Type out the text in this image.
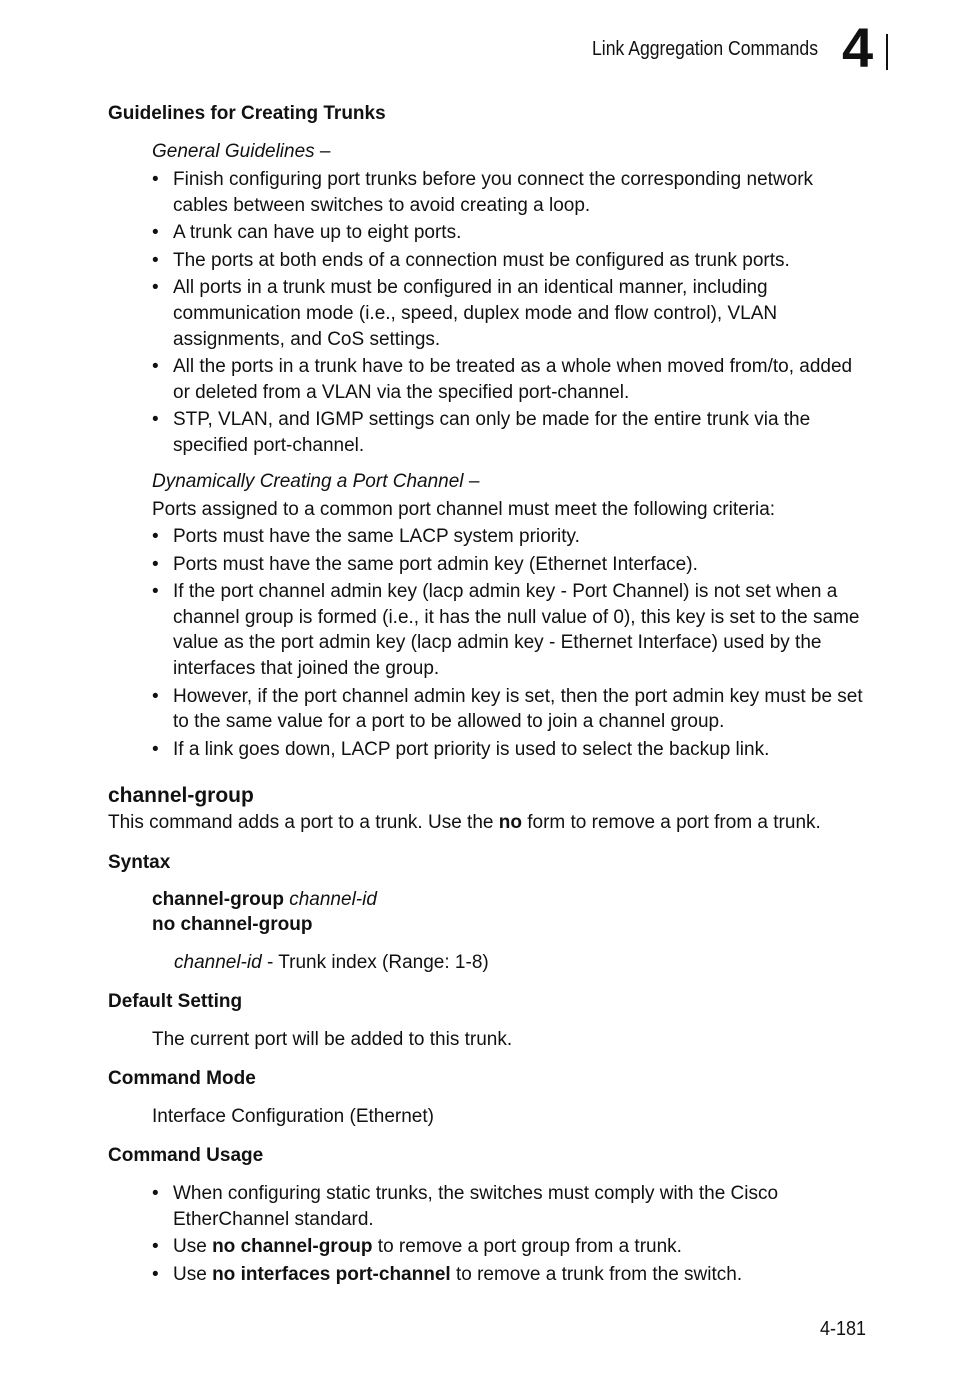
Link Aggregation Commands 4
Guidelines for Creating Trunks
General Guidelines –
• Finish configuring port trunks before you connect the corresponding network cables between switches to avoid creating a loop.
• A trunk can have up to eight ports.
• The ports at both ends of a connection must be configured as trunk ports.
• All ports in a trunk must be configured in an identical manner, including communication mode (i.e., speed, duplex mode and flow control), VLAN assignments, and CoS settings.
• All the ports in a trunk have to be treated as a whole when moved from/to, added or deleted from a VLAN via the specified port-channel.
• STP, VLAN, and IGMP settings can only be made for the entire trunk via the specified port-channel.
Dynamically Creating a Port Channel –
Ports assigned to a common port channel must meet the following criteria:
• Ports must have the same LACP system priority.
• Ports must have the same port admin key (Ethernet Interface).
• If the port channel admin key (lacp admin key - Port Channel) is not set when a channel group is formed (i.e., it has the null value of 0), this key is set to the same value as the port admin key (lacp admin key - Ethernet Interface) used by the interfaces that joined the group.
• However, if the port channel admin key is set, then the port admin key must be set to the same value for a port to be allowed to join a channel group.
• If a link goes down, LACP port priority is used to select the backup link.
channel-group
This command adds a port to a trunk. Use the no form to remove a port from a trunk.
Syntax
channel-group channel-id
no channel-group
channel-id - Trunk index (Range: 1-8)
Default Setting
The current port will be added to this trunk.
Command Mode
Interface Configuration (Ethernet)
Command Usage
• When configuring static trunks, the switches must comply with the Cisco EtherChannel standard.
• Use no channel-group to remove a port group from a trunk.
• Use no interfaces port-channel to remove a trunk from the switch.
4-181
